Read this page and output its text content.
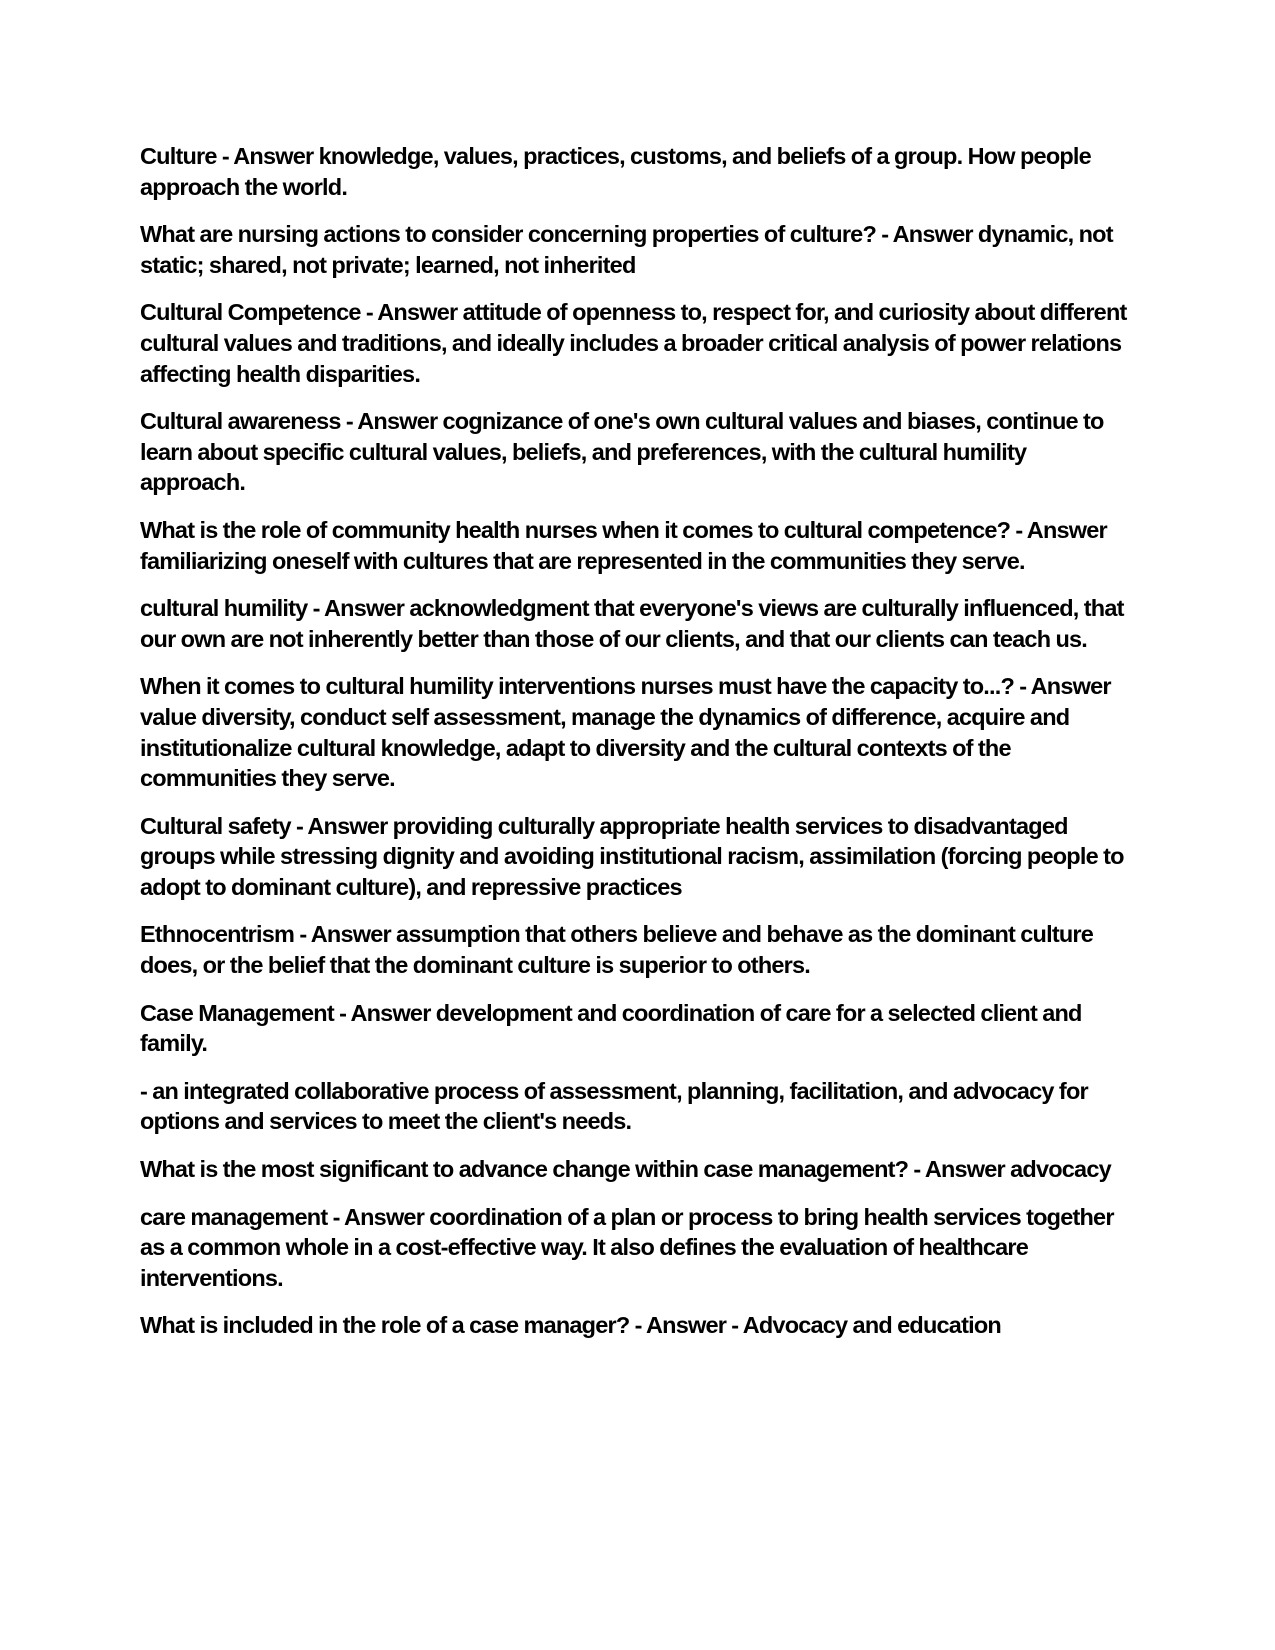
Culture - Answer knowledge, values, practices, customs, and beliefs of a group. How people approach the world.

What are nursing actions to consider concerning properties of culture? - Answer dynamic, not static; shared, not private; learned, not inherited

Cultural Competence - Answer attitude of openness to, respect for, and curiosity about different cultural values and traditions, and ideally includes a broader critical analysis of power relations affecting health disparities.

Cultural awareness - Answer cognizance of one's own cultural values and biases, continue to learn about specific cultural values, beliefs, and preferences, with the cultural humility approach.

What is the role of community health nurses when it comes to cultural competence? - Answer familiarizing oneself with cultures that are represented in the communities they serve.

cultural humility - Answer acknowledgment that everyone's views are culturally influenced, that our own are not inherently better than those of our clients, and that our clients can teach us.

When it comes to cultural humility interventions nurses must have the capacity to...? - Answer value diversity, conduct self assessment, manage the dynamics of difference, acquire and institutionalize cultural knowledge, adapt to diversity and the cultural contexts of the communities they serve.

Cultural safety - Answer providing culturally appropriate health services to disadvantaged groups while stressing dignity and avoiding institutional racism, assimilation (forcing people to adopt to dominant culture), and repressive practices

Ethnocentrism - Answer assumption that others believe and behave as the dominant culture does, or the belief that the dominant culture is superior to others.

Case Management - Answer development and coordination of care for a selected client and family.

- an integrated collaborative process of assessment, planning, facilitation, and advocacy for options and services to meet the client's needs.

What is the most significant to advance change within case management? - Answer advocacy

care management - Answer coordination of a plan or process to bring health services together as a common whole in a cost-effective way. It also defines the evaluation of healthcare interventions.

What is included in the role of a case manager? - Answer - Advocacy and education
